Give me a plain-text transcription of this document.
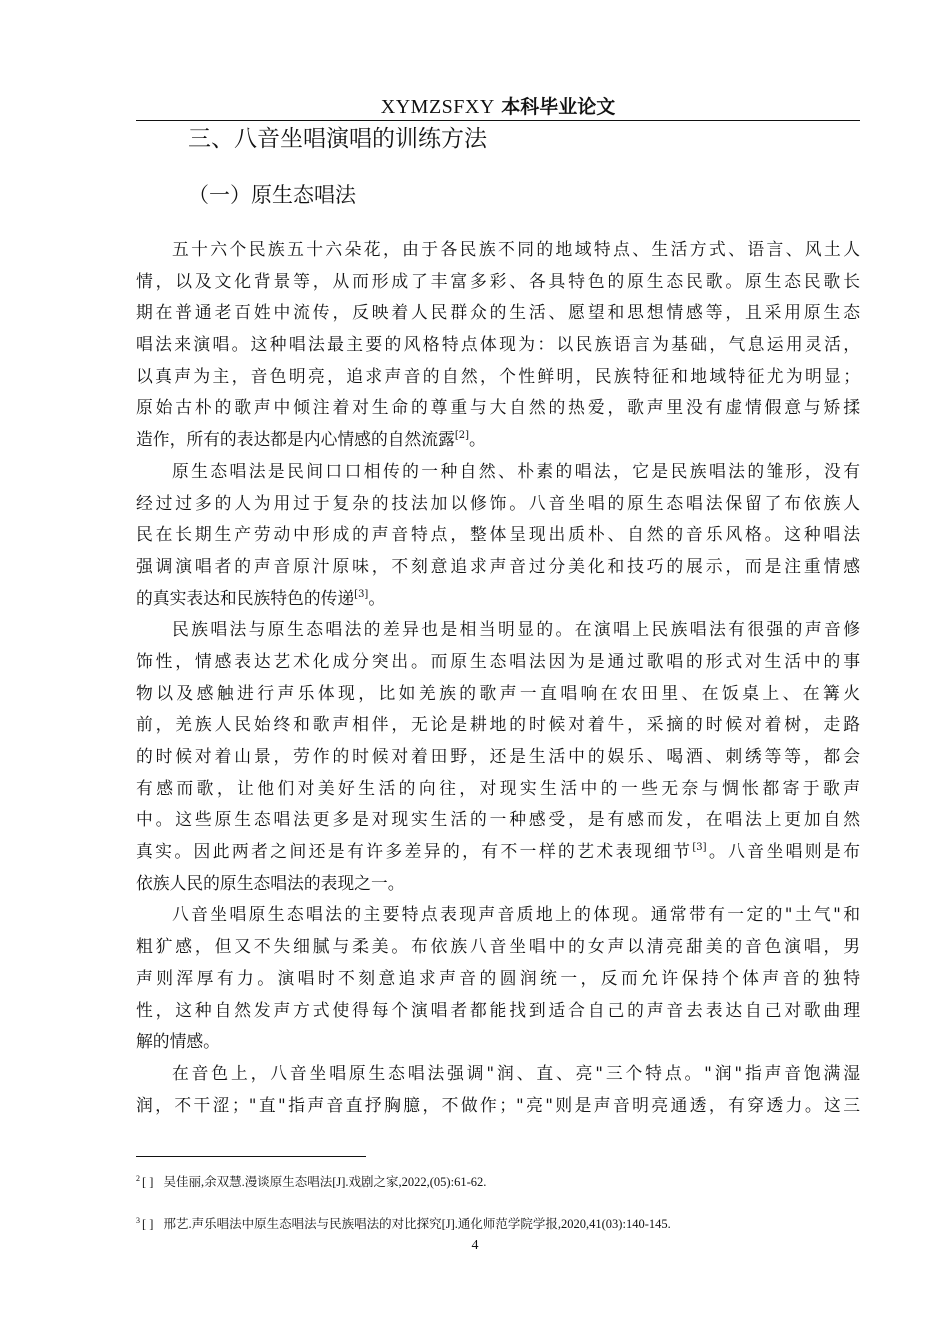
XYMZSFXY 本科毕业论文
三、八音坐唱演唱的训练方法
（一）原生态唱法
五十六个民族五十六朵花，由于各民族不同的地域特点、生活方式、语言、风土人
情，以及文化背景等，从而形成了丰富多彩、各具特色的原生态民歌。原生态民歌长
期在普通老百姓中流传，反映着人民群众的生活、愿望和思想情感等，且采用原生态
唱法来演唱。这种唱法最主要的风格特点体现为：以民族语言为基础，气息运用灵活，
以真声为主，音色明亮，追求声音的自然，个性鲜明，民族特征和地域特征尤为明显；
原始古朴的歌声中倾注着对生命的尊重与大自然的热爱，歌声里没有虚情假意与矫揉
造作，所有的表达都是内心情感的自然流露[2]。
原生态唱法是民间口口相传的一种自然、朴素的唱法，它是民族唱法的雏形，没有
经过过多的人为用过于复杂的技法加以修饰。八音坐唱的原生态唱法保留了布依族人
民在长期生产劳动中形成的声音特点，整体呈现出质朴、自然的音乐风格。这种唱法
强调演唱者的声音原汁原味，不刻意追求声音过分美化和技巧的展示，而是注重情感
的真实表达和民族特色的传递[3]。
民族唱法与原生态唱法的差异也是相当明显的。在演唱上民族唱法有很强的声音修
饰性，情感表达艺术化成分突出。而原生态唱法因为是通过歌唱的形式对生活中的事
物以及感触进行声乐体现，比如羌族的歌声一直唱响在农田里、在饭桌上、在篝火
前，羌族人民始终和歌声相伴，无论是耕地的时候对着牛，采摘的时候对着树，走路
的时候对着山景，劳作的时候对着田野，还是生活中的娱乐、喝酒、刺绣等等，都会
有感而歌，让他们对美好生活的向往，对现实生活中的一些无奈与惆怅都寄于歌声
中。这些原生态唱法更多是对现实生活的一种感受，是有感而发，在唱法上更加自然
真实。因此两者之间还是有许多差异的，有不一样的艺术表现细节[3]。八音坐唱则是布
依族人民的原生态唱法的表现之一。
八音坐唱原生态唱法的主要特点表现声音质地上的体现。通常带有一定的"土气"和
粗犷感，但又不失细腻与柔美。布依族八音坐唱中的女声以清亮甜美的音色演唱，男
声则浑厚有力。演唱时不刻意追求声音的圆润统一，反而允许保持个体声音的独特
性，这种自然发声方式使得每个演唱者都能找到适合自己的声音去表达自己对歌曲理
解的情感。
在音色上，八音坐唱原生态唱法强调"润、直、亮"三个特点。"润"指声音饱满湿
润，不干涩；"直"指声音直抒胸臆，不做作；"亮"则是声音明亮通透，有穿透力。这三
$^2$ [ ] 吴佳丽,余双慧.漫谈原生态唱法[J].戏剧之家,2022,(05):61-62.
$^3$ [ ] 邢艺.声乐唱法中原生态唱法与民族唱法的对比探究[J].通化师范学院学报,2020,41(03):140-145.
4
